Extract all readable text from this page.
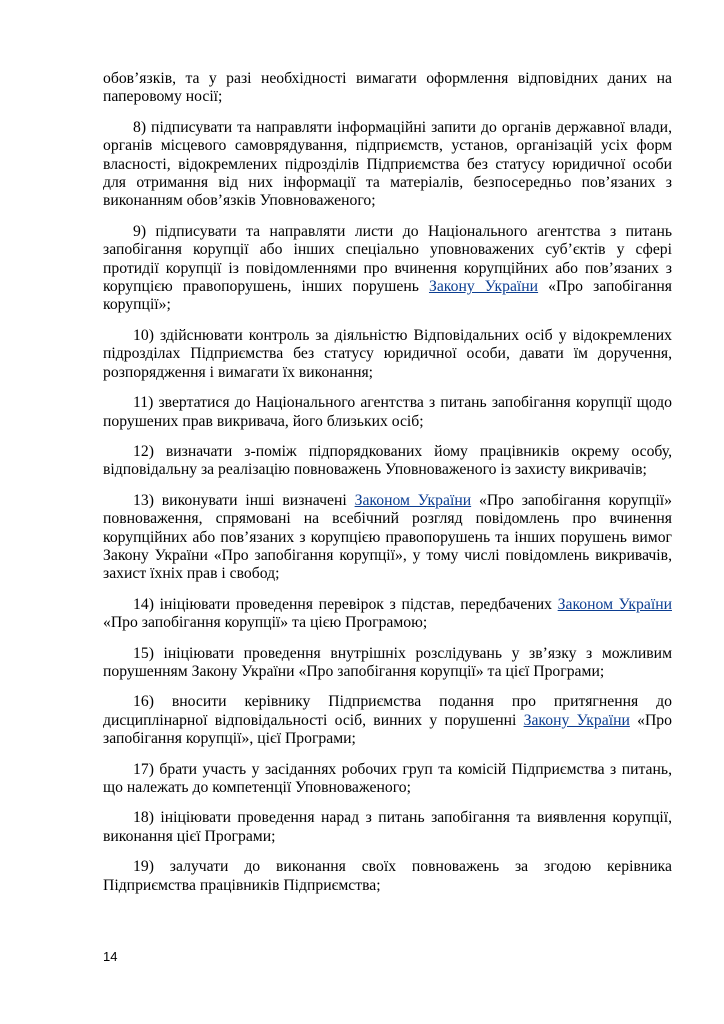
обов’язків, та у разі необхідності вимагати оформлення відповідних даних на паперовому носії;

8) підписувати та направляти інформаційні запити до органів державної влади, органів місцевого самоврядування, підприємств, установ, організацій усіх форм власності, відокремлених підрозділів Підприємства без статусу юридичної особи для отримання від них інформації та матеріалів, безпосередньо пов’язаних з виконанням обов’язків Уповноваженого;

9) підписувати та направляти листи до Національного агентства з питань запобігання корупції або інших спеціально уповноважених суб’єктів у сфері протидії корупції із повідомленнями про вчинення корупційних або пов’язаних з корупцією правопорушень, інших порушень Закону України «Про запобігання корупції»;

10) здійснювати контроль за діяльністю Відповідальних осіб у відокремлених підрозділах Підприємства без статусу юридичної особи, давати їм доручення, розпорядження і вимагати їх виконання;

11) звертатися до Національного агентства з питань запобігання корупції щодо порушених прав викривача, його близьких осіб;

12) визначати з-поміж підпорядкованих йому працівників окрему особу, відповідальну за реалізацію повноважень Уповноваженого із захисту викривачів;

13) виконувати інші визначені Законом України «Про запобігання корупції» повноваження, спрямовані на всебічний розгляд повідомлень про вчинення корупційних або пов’язаних з корупцією правопорушень та інших порушень вимог Закону України «Про запобігання корупції», у тому числі повідомлень викривачів, захист їхніх прав і свобод;

14) ініціювати проведення перевірок з підстав, передбачених Законом України «Про запобігання корупції» та цією Програмою;

15) ініціювати проведення внутрішніх розслідувань у зв’язку з можливим порушенням Закону України «Про запобігання корупції» та цієї Програми;

16) вносити керівнику Підприємства подання про притягнення до дисциплінарної відповідальності осіб, винних у порушенні Закону України «Про запобігання корупції», цієї Програми;

17) брати участь у засіданнях робочих груп та комісій Підприємства з питань, що належать до компетенції Уповноваженого;

18) ініціювати проведення нарад з питань запобігання та виявлення корупції, виконання цієї Програми;

19) залучати до виконання своїх повноважень за згодою керівника Підприємства працівників Підприємства;

14
